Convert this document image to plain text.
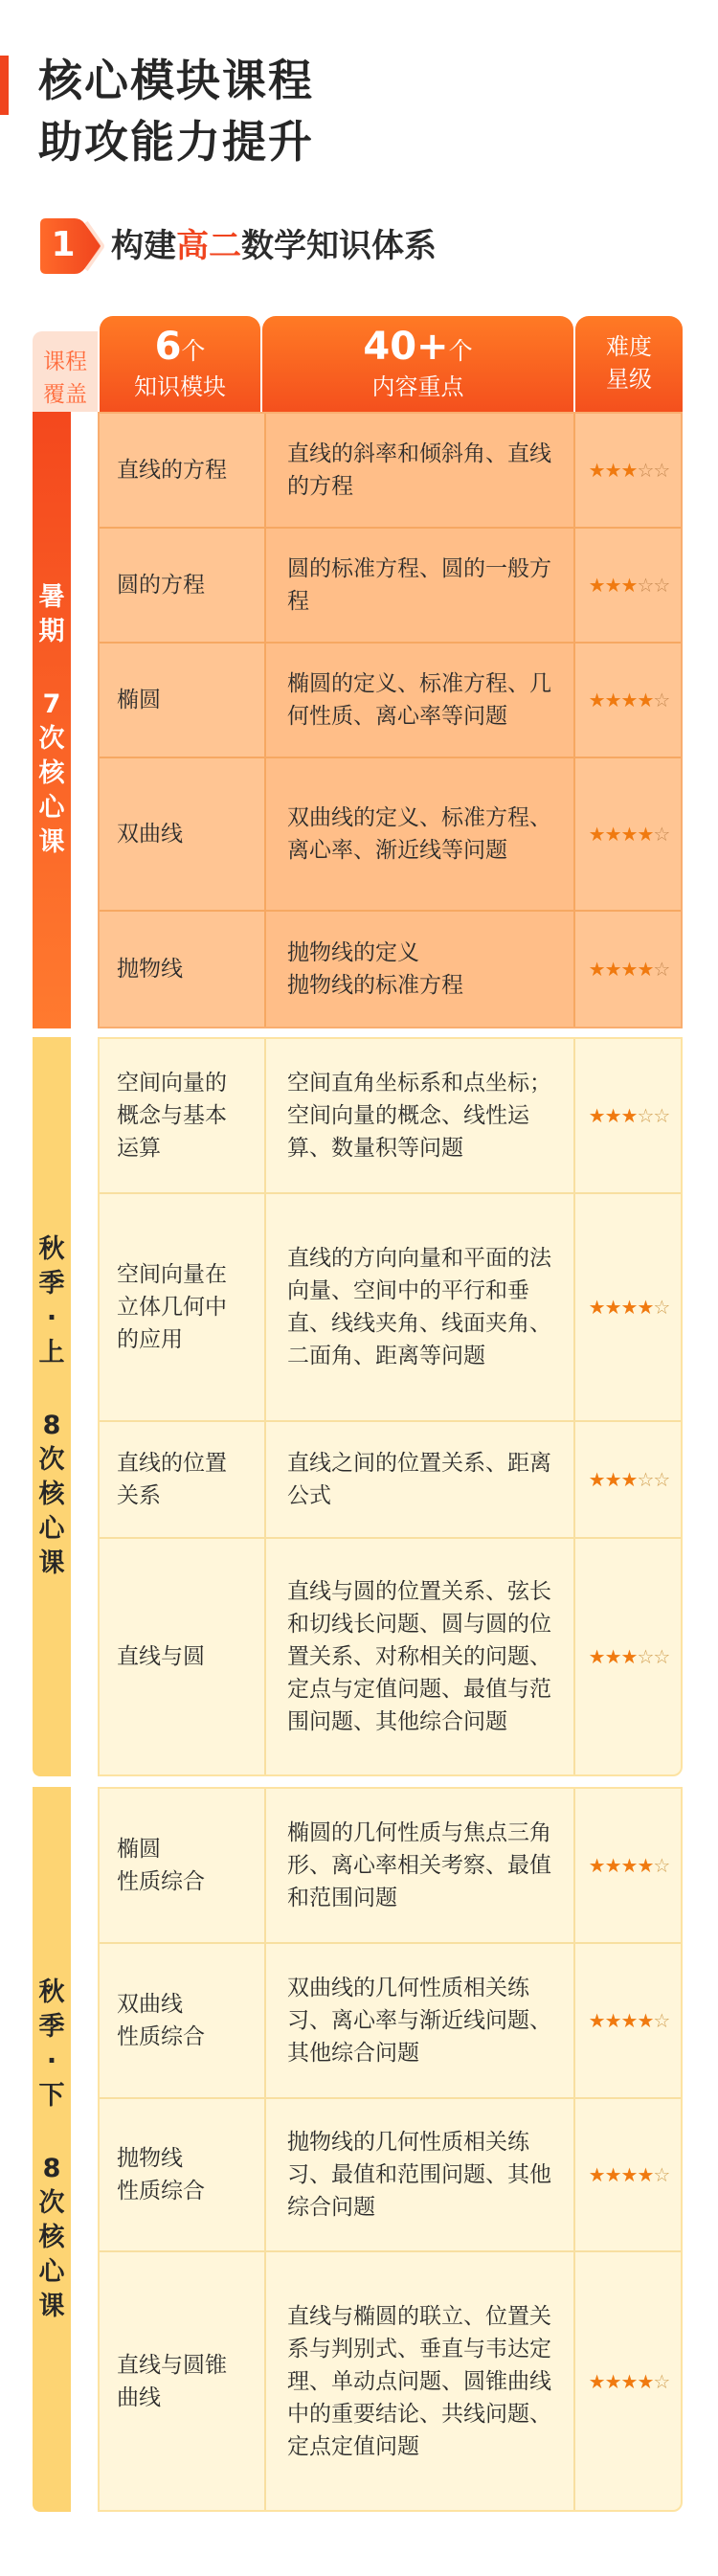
核心模块课程
助攻能力提升
1 构建高二数学知识体系
课程
覆盖
6个
知识模块
40+个
内容重点
难度
星级
暑
期
7
次
核
心
课
秋
季
·
上
8
次
核
心
课
秋
季
·
下
8
次
核
心
课
直线的方程
直线的斜率和倾斜角、直线的方程
★★★☆☆
圆的方程
圆的标准方程、圆的一般方程
★★★☆☆
椭圆
椭圆的定义、标准方程、几何性质、离心率等问题
★★★★☆
双曲线
双曲线的定义、标准方程、离心率、渐近线等问题
★★★★☆
抛物线
抛物线的定义
抛物线的标准方程
★★★★☆
空间向量的概念与基本运算
空间直角坐标系和点坐标；空间向量的概念、线性运算、数量积等问题
★★★☆☆
空间向量在立体几何中的应用
直线的方向向量和平面的法向量、空间中的平行和垂直、线线夹角、线面夹角、二面角、距离等问题
★★★★☆
直线的位置关系
直线之间的位置关系、距离公式
★★★☆☆
直线与圆
直线与圆的位置关系、弦长和切线长问题、圆与圆的位置关系、对称相关的问题、定点与定值问题、最值与范围问题、其他综合问题
★★★☆☆
椭圆
性质综合
椭圆的几何性质与焦点三角形、离心率相关考察、最值和范围问题
★★★★☆
双曲线
性质综合
双曲线的几何性质相关练习、离心率与渐近线问题、其他综合问题
★★★★☆
抛物线
性质综合
抛物线的几何性质相关练习、最值和范围问题、其他综合问题
★★★★☆
直线与圆锥曲线
直线与椭圆的联立、位置关系与判别式、垂直与韦达定理、单动点问题、圆锥曲线中的重要结论、共线问题、定点定值问题
★★★★☆
